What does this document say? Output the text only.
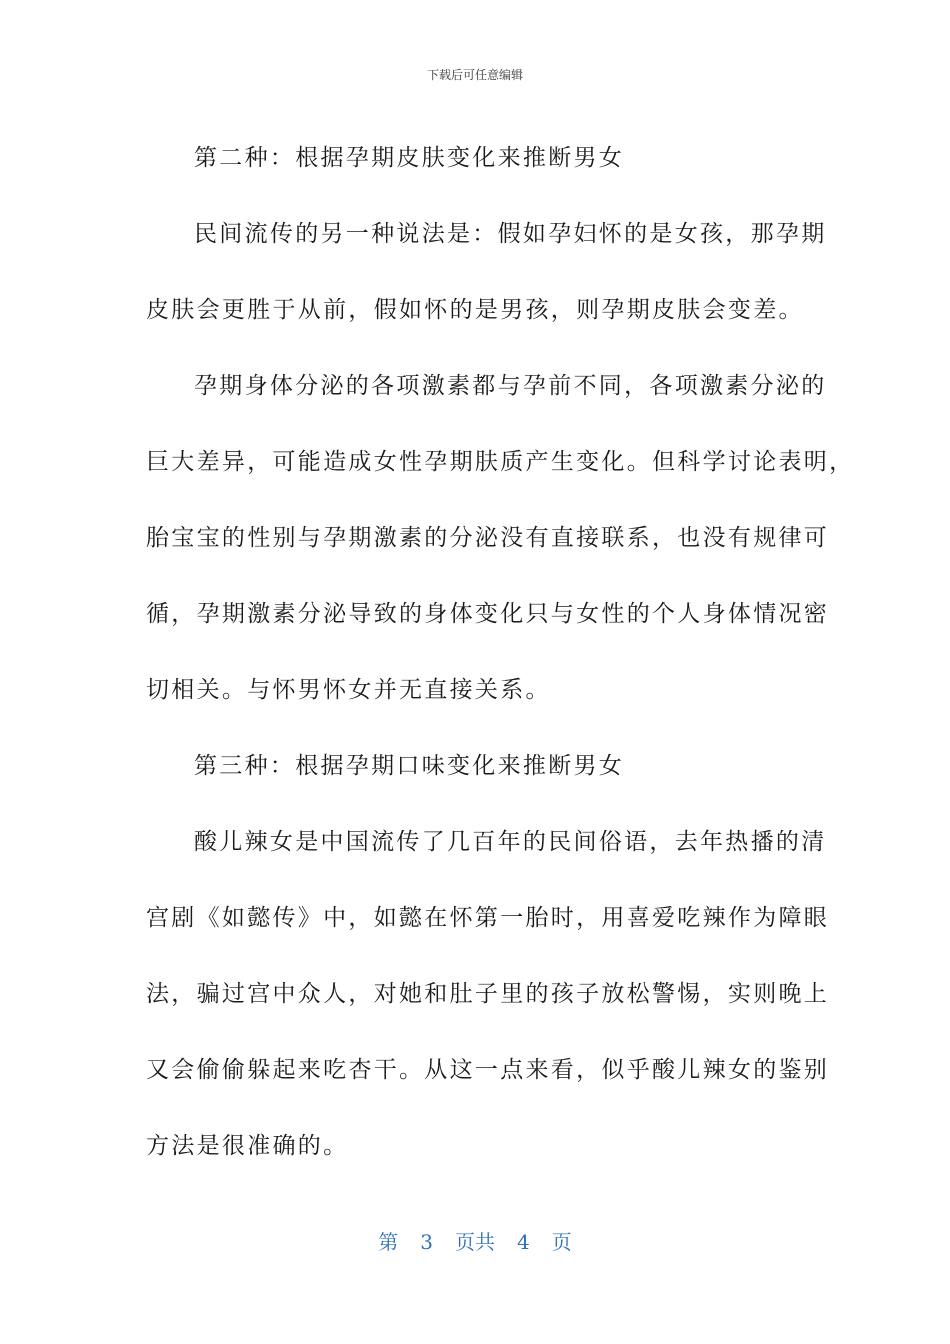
下载后可任意编辑
第二种：根据孕期皮肤变化来推断男女
民间流传的另一种说法是：假如孕妇怀的是女孩，那孕期
皮肤会更胜于从前，假如怀的是男孩，则孕期皮肤会变差。
孕期身体分泌的各项激素都与孕前不同，各项激素分泌的
巨大差异，可能造成女性孕期肤质产生变化。但科学讨论表明，
胎宝宝的性别与孕期激素的分泌没有直接联系，也没有规律可
循，孕期激素分泌导致的身体变化只与女性的个人身体情况密
切相关。与怀男怀女并无直接关系。
第三种：根据孕期口味变化来推断男女
酸儿辣女是中国流传了几百年的民间俗语，去年热播的清
宫剧《如懿传》中，如懿在怀第一胎时，用喜爱吃辣作为障眼
法，骗过宫中众人，对她和肚子里的孩子放松警惕，实则晚上
又会偷偷躲起来吃杏干。从这一点来看，似乎酸儿辣女的鉴别
方法是很准确的。
第 3 页共 4 页
